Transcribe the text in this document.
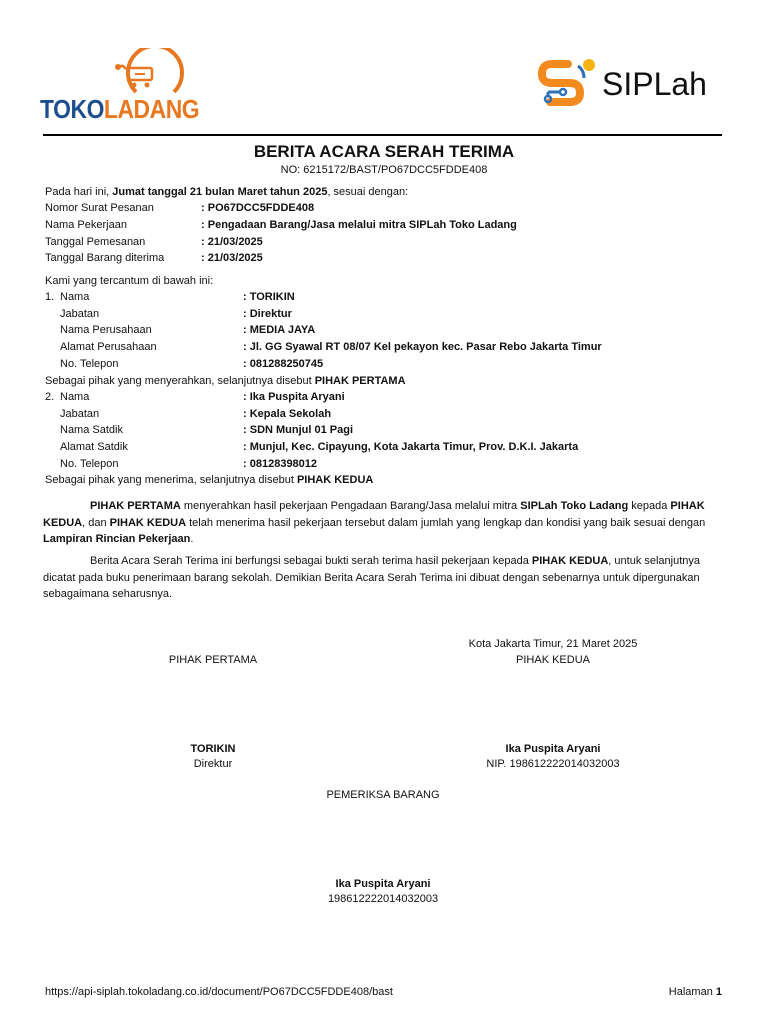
TOKOLADANG
SIPLah
BERITA ACARA SERAH TERIMA
NO: 6215172/BAST/PO67DCC5FDDE408
Pada hari ini, Jumat tanggal 21 bulan Maret tahun 2025, sesuai dengan:
Nomor Surat Pesanan	: PO67DCC5FDDE408
Nama Pekerjaan	: Pengadaan Barang/Jasa melalui mitra SIPLah Toko Ladang
Tanggal Pemesanan	: 21/03/2025
Tanggal Barang diterima	: 21/03/2025
Kami yang tercantum di bawah ini:
1. Nama	: TORIKIN
Jabatan	: Direktur
Nama Perusahaan	: MEDIA JAYA
Alamat Perusahaan	: Jl. GG Syawal RT 08/07 Kel pekayon kec. Pasar Rebo Jakarta Timur
No. Telepon	: 081288250745
Sebagai pihak yang menyerahkan, selanjutnya disebut PIHAK PERTAMA
2. Nama	: Ika Puspita Aryani
Jabatan	: Kepala Sekolah
Nama Satdik	: SDN Munjul 01 Pagi
Alamat Satdik	: Munjul, Kec. Cipayung, Kota Jakarta Timur, Prov. D.K.I. Jakarta
No. Telepon	: 08128398012
Sebagai pihak yang menerima, selanjutnya disebut PIHAK KEDUA
PIHAK PERTAMA menyerahkan hasil pekerjaan Pengadaan Barang/Jasa melalui mitra SIPLah Toko Ladang kepada PIHAK KEDUA, dan PIHAK KEDUA telah menerima hasil pekerjaan tersebut dalam jumlah yang lengkap dan kondisi yang baik sesuai dengan Lampiran Rincian Pekerjaan.
Berita Acara Serah Terima ini berfungsi sebagai bukti serah terima hasil pekerjaan kepada PIHAK KEDUA, untuk selanjutnya dicatat pada buku penerimaan barang sekolah. Demikian Berita Acara Serah Terima ini dibuat dengan sebenarnya untuk dipergunakan sebagaimana seharusnya.
Kota Jakarta Timur, 21 Maret 2025
PIHAK PERTAMA	PIHAK KEDUA
TORIKIN
Direktur
Ika Puspita Aryani
NIP. 198612222014032003
PEMERIKSA BARANG
Ika Puspita Aryani
198612222014032003
https://api-siplah.tokoladang.co.id/document/PO67DCC5FDDE408/bast	Halaman 1
